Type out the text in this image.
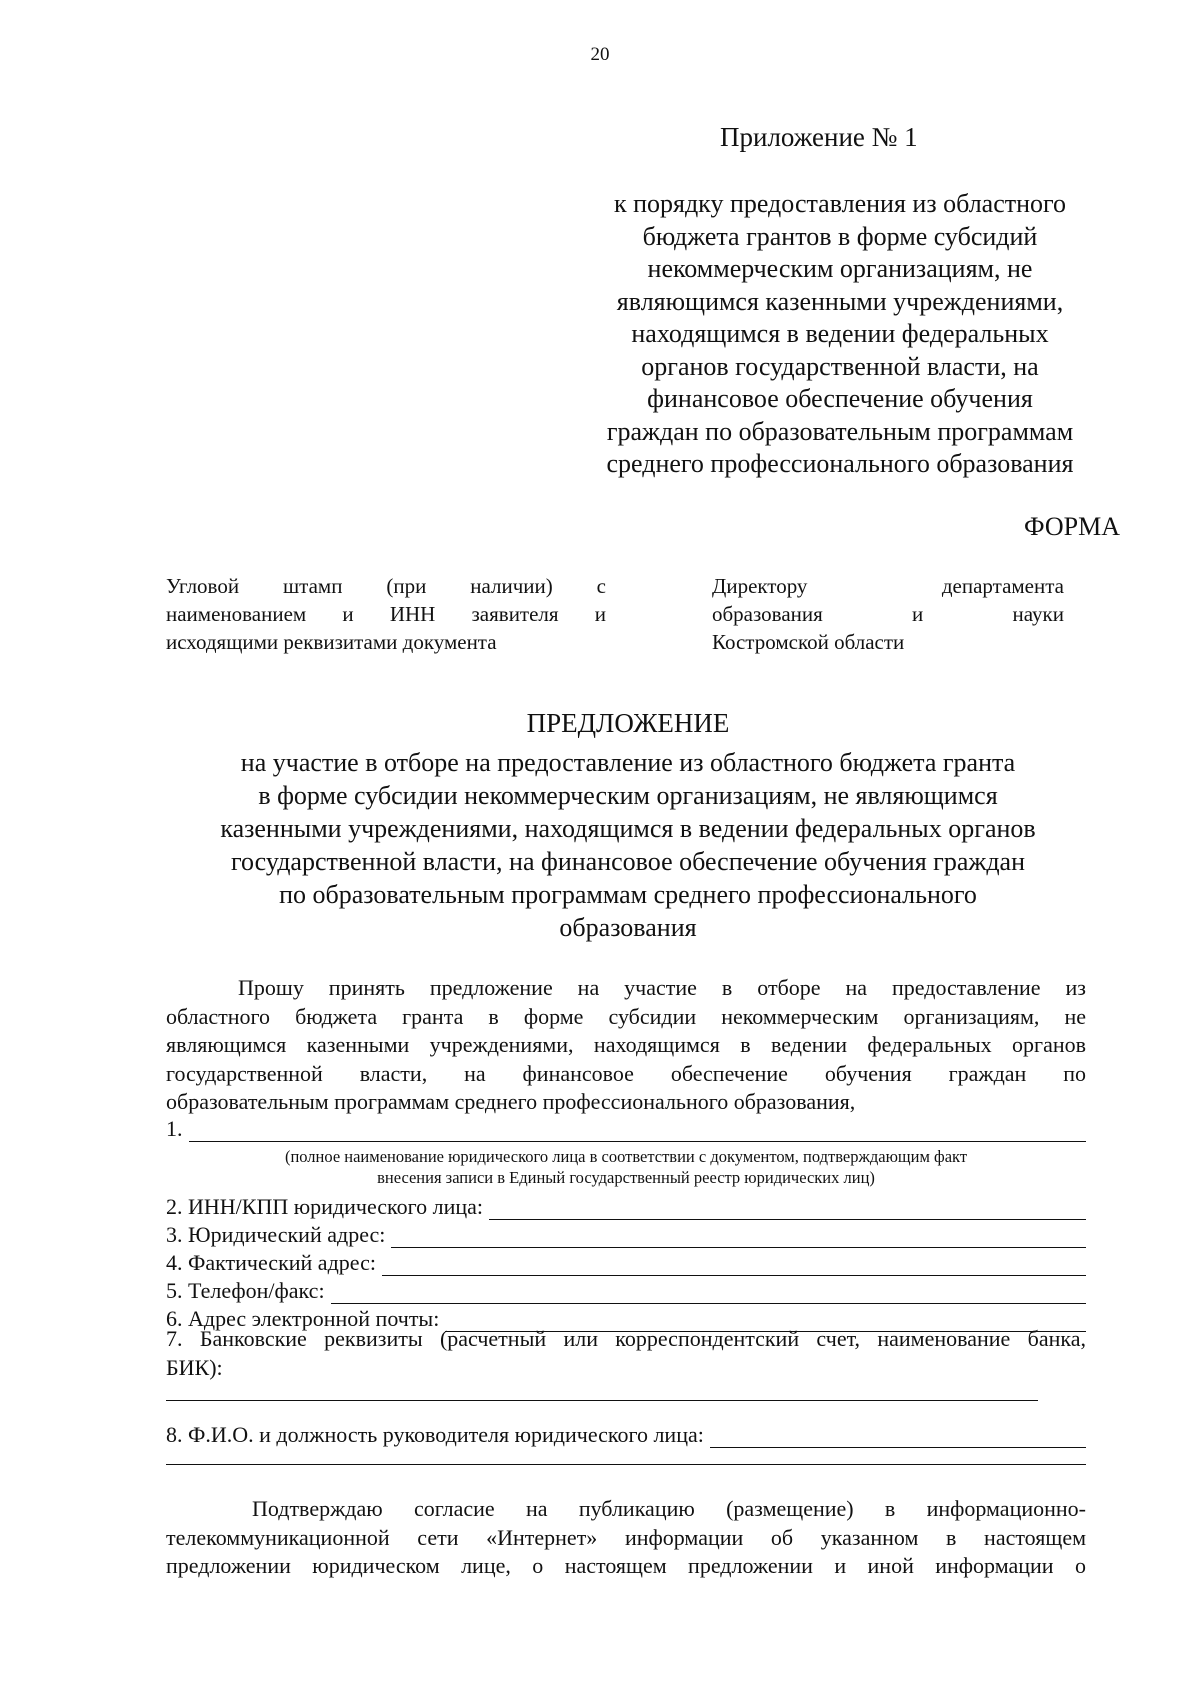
20
Приложение № 1
к порядку предоставления из областного
бюджета грантов в форме субсидий
некоммерческим организациям, не
являющимся казенными учреждениями,
находящимся в ведении федеральных
органов государственной власти, на
финансовое обеспечение обучения
граждан по образовательным программам
среднего профессионального образования
ФОРМА
Угловой штамп (при наличии) с
наименованием и ИНН заявителя и
исходящими реквизитами документа
Директору департамента
образования и науки
Костромской области
ПРЕДЛОЖЕНИЕ
на участие в отборе на предоставление из областного бюджета гранта
в форме субсидии некоммерческим организациям, не являющимся
казенными учреждениями, находящимся в ведении федеральных органов
государственной власти, на финансовое обеспечение обучения граждан
по образовательным программам среднего профессионального
образования
Прошу принять предложение на участие в отборе на предоставление из
областного бюджета гранта в форме субсидии некоммерческим организациям, не
являющимся казенными учреждениями, находящимся в ведении федеральных органов
государственной власти, на финансовое обеспечение обучения граждан по
образовательным программам среднего профессионального образования,
1.
(полное наименование юридического лица в соответствии с документом, подтверждающим факт
внесения записи в Единый государственный реестр юридических лиц)
2. ИНН/КПП юридического лица:
3. Юридический адрес:
4. Фактический адрес:
5. Телефон/факс:
6. Адрес электронной почты:
7. Банковские реквизиты (расчетный или корреспондентский счет, наименование банка,
БИК):
8. Ф.И.О. и должность руководителя юридического лица:
Подтверждаю согласие на публикацию (размещение) в информационно-
телекоммуникационной сети «Интернет» информации об указанном в настоящем
предложении юридическом лице, о настоящем предложении и иной информации о
